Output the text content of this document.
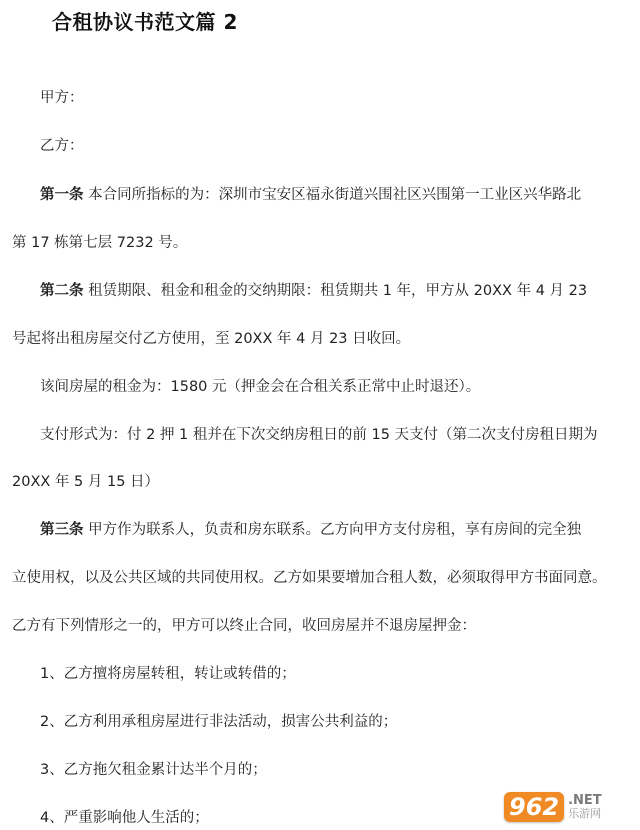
合租协议书范文篇 2
甲方：
乙方：
第一条 本合同所指标的为：深圳市宝安区福永街道兴围社区兴围第一工业区兴华路北
第 17 栋第七层 7232 号。
第二条 租赁期限、租金和租金的交纳期限：租赁期共 1 年，甲方从 20XX 年 4 月 23
号起将出租房屋交付乙方使用，至 20XX 年 4 月 23 日收回。
该间房屋的租金为：1580 元（押金会在合租关系正常中止时退还）。
支付形式为：付 2 押 1 租并在下次交纳房租日的前 15 天支付（第二次支付房租日期为
20XX 年 5 月 15 日）
第三条 甲方作为联系人，负责和房东联系。乙方向甲方支付房租，享有房间的完全独
立使用权，以及公共区域的共同使用权。乙方如果要增加合租人数，必须取得甲方书面同意。
乙方有下列情形之一的，甲方可以终止合同，收回房屋并不退房屋押金：
1、乙方擅将房屋转租，转让或转借的；
2、乙方利用承租房屋进行非法活动，损害公共利益的；
3、乙方拖欠租金累计达半个月的；
4、严重影响他人生活的；	962 .NET
乐游网
